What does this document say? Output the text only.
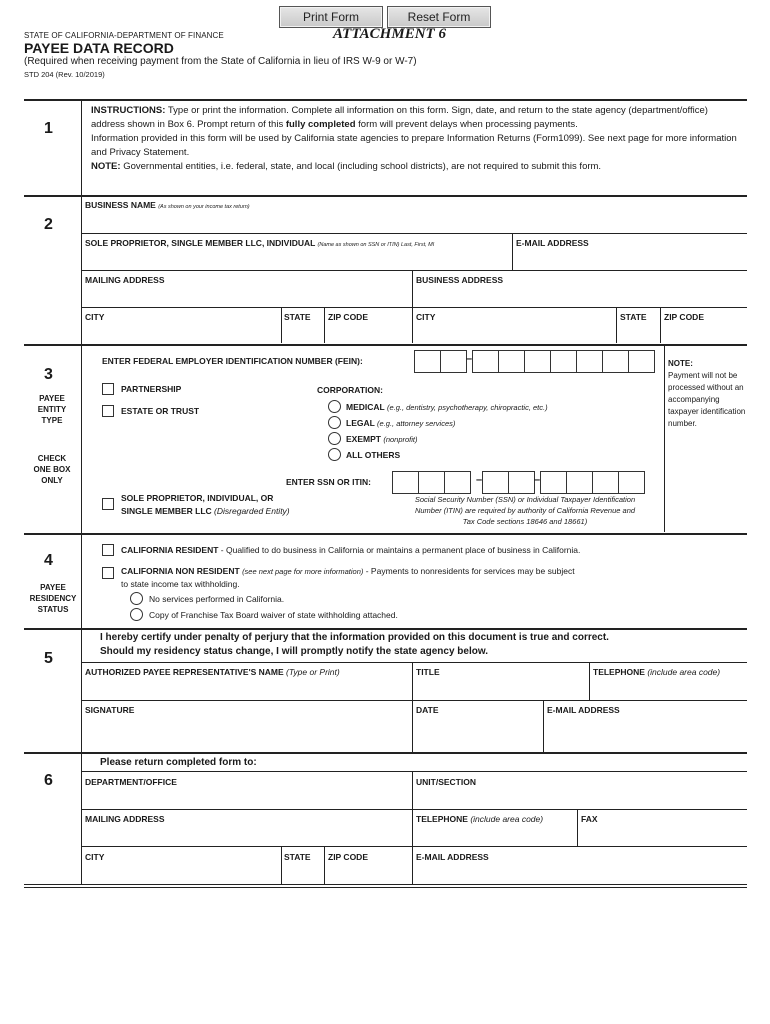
Print Form	Reset Form
STATE OF CALIFORNIA-DEPARTMENT OF FINANCE	ATTACHMENT 6
PAYEE DATA RECORD
(Required when receiving payment from the State of California in lieu of IRS W-9 or W-7)
STD 204 (Rev. 10/2019)
1
INSTRUCTIONS: Type or print the information. Complete all information on this form. Sign, date, and return to the state agency (department/office) address shown in Box 6. Prompt return of this fully completed form will prevent delays when processing payments.
Information provided in this form will be used by California state agencies to prepare Information Returns (Form1099). See next page for more information and Privacy Statement.
NOTE: Governmental entities, i.e. federal, state, and local (including school districts), are not required to submit this form.
2
BUSINESS NAME (As shown on your income tax return)
SOLE PROPRIETOR, SINGLE MEMBER LLC, INDIVIDUAL (Name as shown on SSN or ITIN) Last, First, MI	E-MAIL ADDRESS
MAILING ADDRESS	BUSINESS ADDRESS
CITY	STATE ZIP CODE	CITY	STATE ZIP CODE
3
PAYEE
ENTITY
TYPE
CHECK
ONE BOX
ONLY
ENTER FEDERAL EMPLOYER IDENTIFICATION NUMBER (FEIN):	–	NOTE:
Payment will not be processed without an accompanying taxpayer identification number.
PARTNERSHIP
ESTATE OR TRUST
CORPORATION:
MEDICAL (e.g., dentistry, psychotherapy, chiropractic, etc.)
LEGAL (e.g., attorney services)
EXEMPT (nonprofit)
ALL OTHERS
ENTER SSN OR ITIN:	–	–
SOLE PROPRIETOR, INDIVIDUAL, OR
SINGLE MEMBER LLC (Disregarded Entity)
Social Security Number (SSN) or Individual Taxpayer Identification
Number (ITIN) are required by authority of California Revenue and
Tax Code sections 18646 and 18661)
4
PAYEE
RESIDENCY
STATUS
CALIFORNIA RESIDENT - Qualified to do business in California or maintains a permanent place of business in California.
CALIFORNIA NON RESIDENT (see next page for more information) - Payments to nonresidents for services may be subject
to state income tax withholding.
No services performed in California.
Copy of Franchise Tax Board waiver of state withholding attached.
5
I hereby certify under penalty of perjury that the information provided on this document is true and correct.
Should my residency status change, I will promptly notify the state agency below.
AUTHORIZED PAYEE REPRESENTATIVE'S NAME (Type or Print)	TITLE	TELEPHONE (include area code)
SIGNATURE	DATE	E-MAIL ADDRESS
6
Please return completed form to:
DEPARTMENT/OFFICE	UNIT/SECTION
MAILING ADDRESS	TELEPHONE (include area code)	FAX
CITY	STATE ZIP CODE	E-MAIL ADDRESS
